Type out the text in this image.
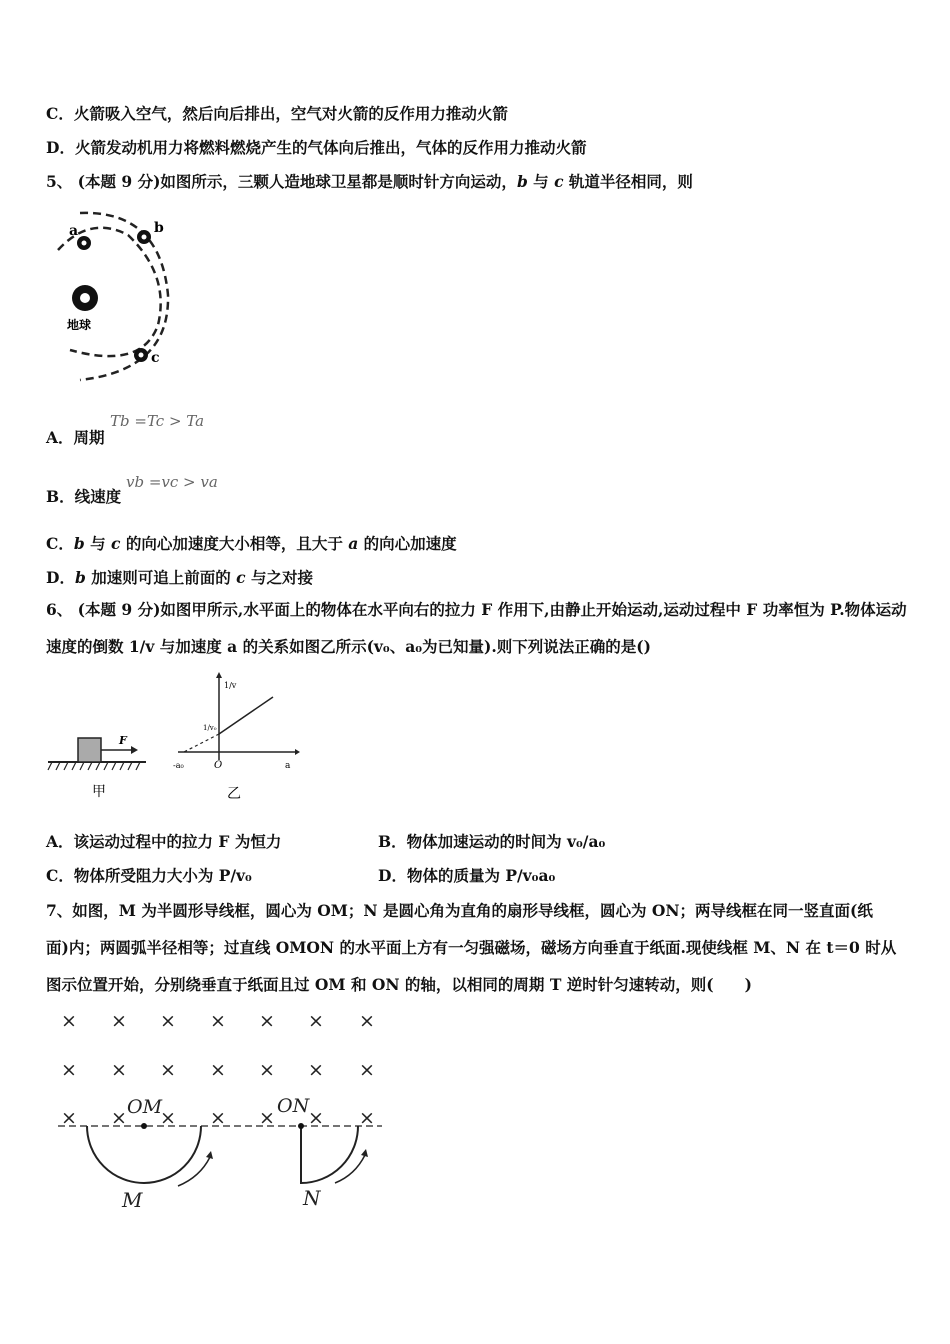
C．火箭吸入空气，然后向后排出，空气对火箭的反作用力推动火箭
D．火箭发动机用力将燃料燃烧产生的气体向后推出，气体的反作用力推动火箭
5、 (本题 9 分)如图所示，三颗人造地球卫星都是顺时针方向运动，b 与 c 轨道半径相同，则
a	b
c
地球
A．周期
Tb =Tc > Ta
B．线速度
vb =vc > va
C．b 与 c 的向心加速度大小相等，且大于 a 的向心加速度
D．b 加速则可追上前面的 c 与之对接
6、 (本题 9 分)如图甲所示,水平面上的物体在水平向右的拉力 F 作用下,由静止开始运动,运动过程中 F 功率恒为 P.物体运动速度的倒数 1/v 与加速度 a 的关系如图乙所示(v₀、a₀为已知量).则下列说法正确的是()
F
甲
1/v
1/v₀
-a₀	O	a
乙
A．该运动过程中的拉力 F 为恒力	B．物体加速运动的时间为 v₀/a₀
C．物体所受阻力大小为 P/v₀	D．物体的质量为 P/v₀a₀
7、如图，M 为半圆形导线框，圆心为 OM；N 是圆心角为直角的扇形导线框，圆心为 ON；两导线框在同一竖直面(纸
面)内；两圆弧半径相等；过直线 OMON 的水平面上方有一匀强磁场，磁场方向垂直于纸面.现使线框 M、N 在 t＝0 时从
图示位置开始，分别绕垂直于纸面且过 OM 和 ON 的轴，以相同的周期 T 逆时针匀速转动，则(　　)
× × × × × × ×
× × × × × × ×
× × × × × × ×
OM	ON
M	N
